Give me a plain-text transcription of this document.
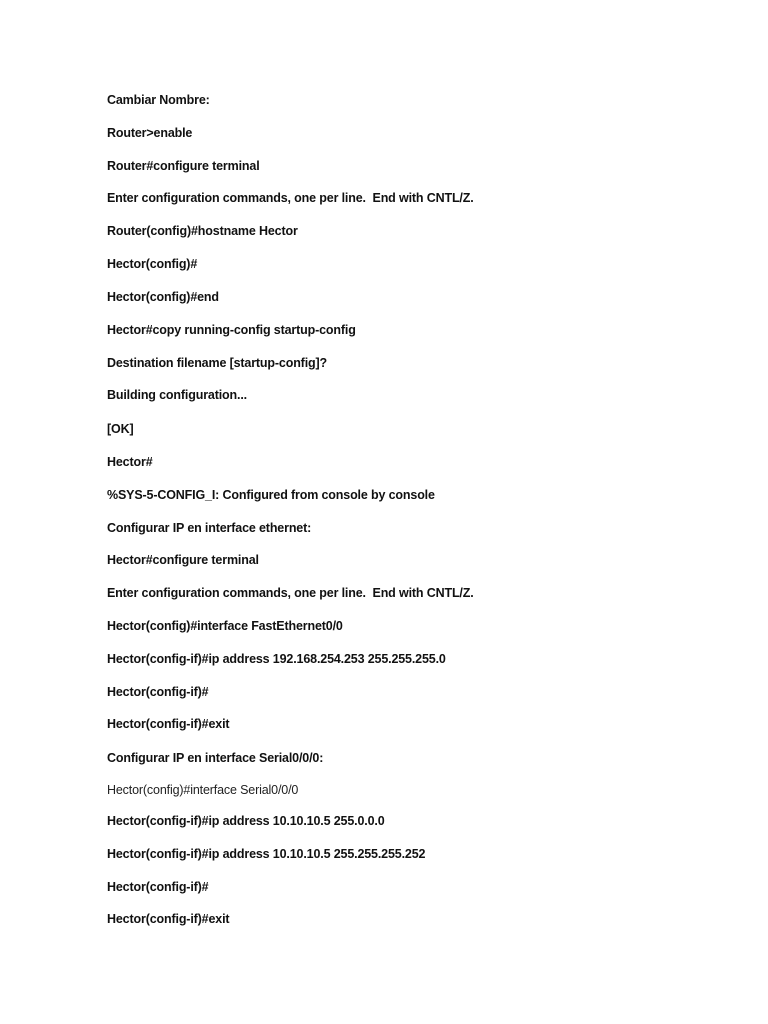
Cambiar Nombre:

Router>enable

Router#configure terminal

Enter configuration commands, one per line.  End with CNTL/Z.

Router(config)#hostname Hector

Hector(config)#

Hector(config)#end

Hector#copy running-config startup-config

Destination filename [startup-config]?

Building configuration...

[OK]

Hector#

%SYS-5-CONFIG_I: Configured from console by console

Configurar IP en interface ethernet:

Hector#configure terminal

Enter configuration commands, one per line.  End with CNTL/Z.

Hector(config)#interface FastEthernet0/0

Hector(config-if)#ip address 192.168.254.253 255.255.255.0

Hector(config-if)#

Hector(config-if)#exit

Configurar IP en interface Serial0/0/0:

Hector(config)#interface Serial0/0/0

Hector(config-if)#ip address 10.10.10.5 255.0.0.0

Hector(config-if)#ip address 10.10.10.5 255.255.255.252

Hector(config-if)#

Hector(config-if)#exit
